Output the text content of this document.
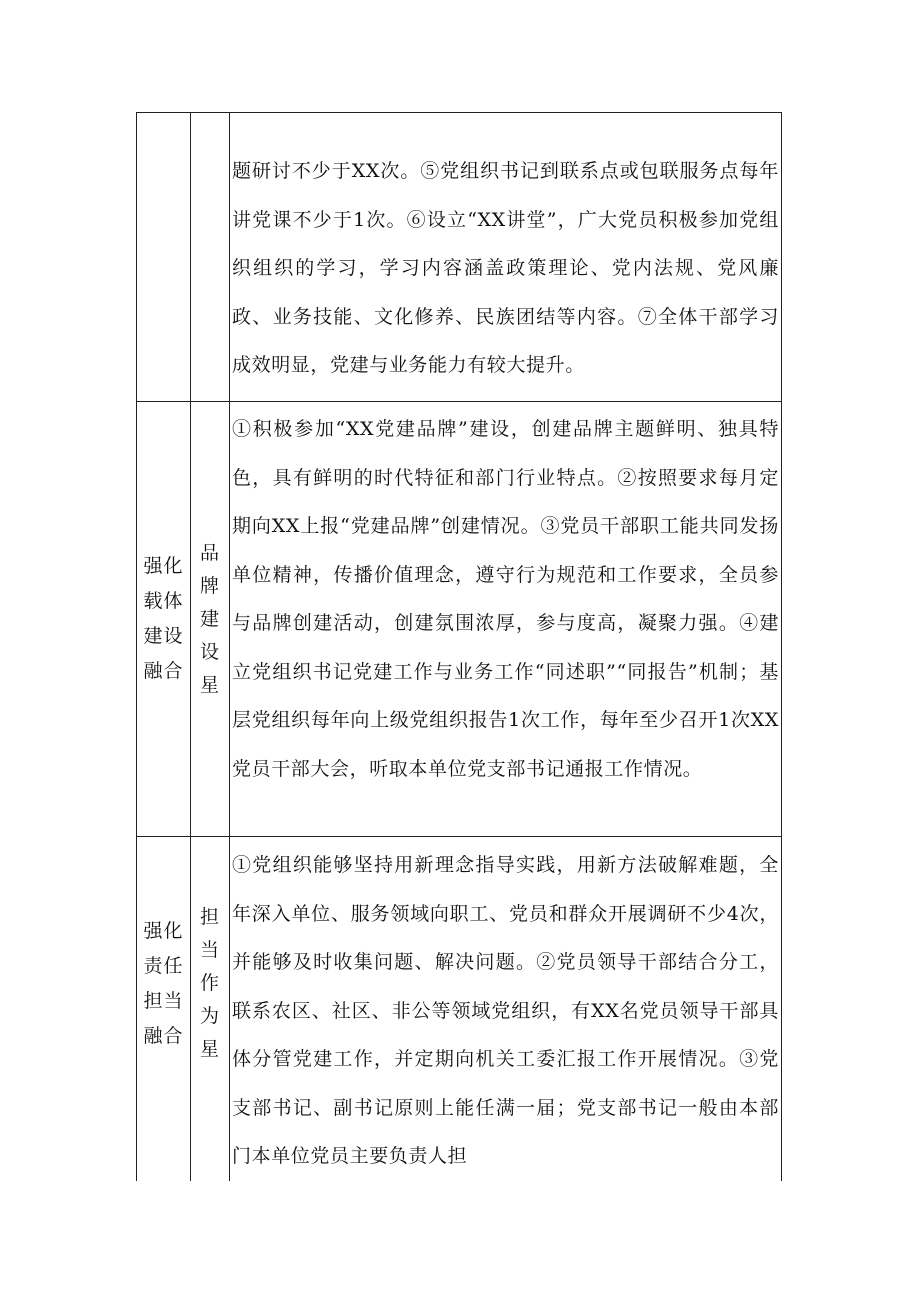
		题研讨不少于XX次。⑤党组织书记到联系点或包联服务点每年讲党课不少于1次。⑥设立“XX讲堂”，广大党员积极参加党组织组织的学习，学习内容涵盖政策理论、党内法规、党风廉政、业务技能、文化修养、民族团结等内容。⑦全体干部学习成效明显，党建与业务能力有较大提升。

强化载体建设融合	品牌建设星	①积极参加“XX党建品牌”建设，创建品牌主题鲜明、独具特色，具有鲜明的时代特征和部门行业特点。②按照要求每月定期向XX上报“党建品牌”创建情况。③党员干部职工能共同发扬单位精神，传播价值理念，遵守行为规范和工作要求，全员参与品牌创建活动，创建氛围浓厚，参与度高，凝聚力强。④建立党组织书记党建工作与业务工作“同述职”“同报告”机制；基层党组织每年向上级党组织报告1次工作，每年至少召开1次XX党员干部大会，听取本单位党支部书记通报工作情况。

强化责任担当融合	担当作为星	①党组织能够坚持用新理念指导实践，用新方法破解难题，全年深入单位、服务领域向职工、党员和群众开展调研不少4次，并能够及时收集问题、解决问题。②党员领导干部结合分工，联系农区、社区、非公等领域党组织，有XX名党员领导干部具体分管党建工作，并定期向机关工委汇报工作开展情况。③党支部书记、副书记原则上能任满一届；党支部书记一般由本部门本单位党员主要负责人担
